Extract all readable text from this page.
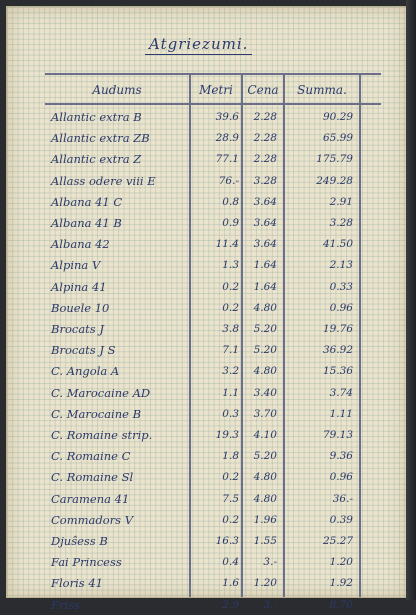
Atgriezumi.
Audums	Metri	Cena	Summa.
Allantic extra B	39.6	2.28	90.29
Allantic extra ZB	28.9	2.28	65.99
Allantic extra Z	77.1	2.28	175.79
Allass odere viii E	76.-	3.28	249.28
Albana 41 C	0.8	3.64	2.91
Albana 41 B	0.9	3.64	3.28
Albana 42	11.4	3.64	41.50
Alpina V	1.3	1.64	2.13
Alpina 41	0.2	1.64	0.33
Bouele 10	0.2	4.80	0.96
Brocats J	3.8	5.20	19.76
Brocats J S	7.1	5.20	36.92
C. Angola A	3.2	4.80	15.36
C. Marocaine AD	1.1	3.40	3.74
C. Marocaine B	0.3	3.70	1.11
C. Romaine strip.	19.3	4.10	79.13
C. Romaine C	1.8	5.20	9.36
C. Romaine Sl	0.2	4.80	0.96
Caramena 41	7.5	4.80	36.-
Commadors V	0.2	1.96	0.39
Djuŝess B	16.3	1.55	25.27
Fai Princess	0.4	3.-	1.20
Floris 41	1.6	1.20	1.92
Friss	2.9	3.-	8.70
